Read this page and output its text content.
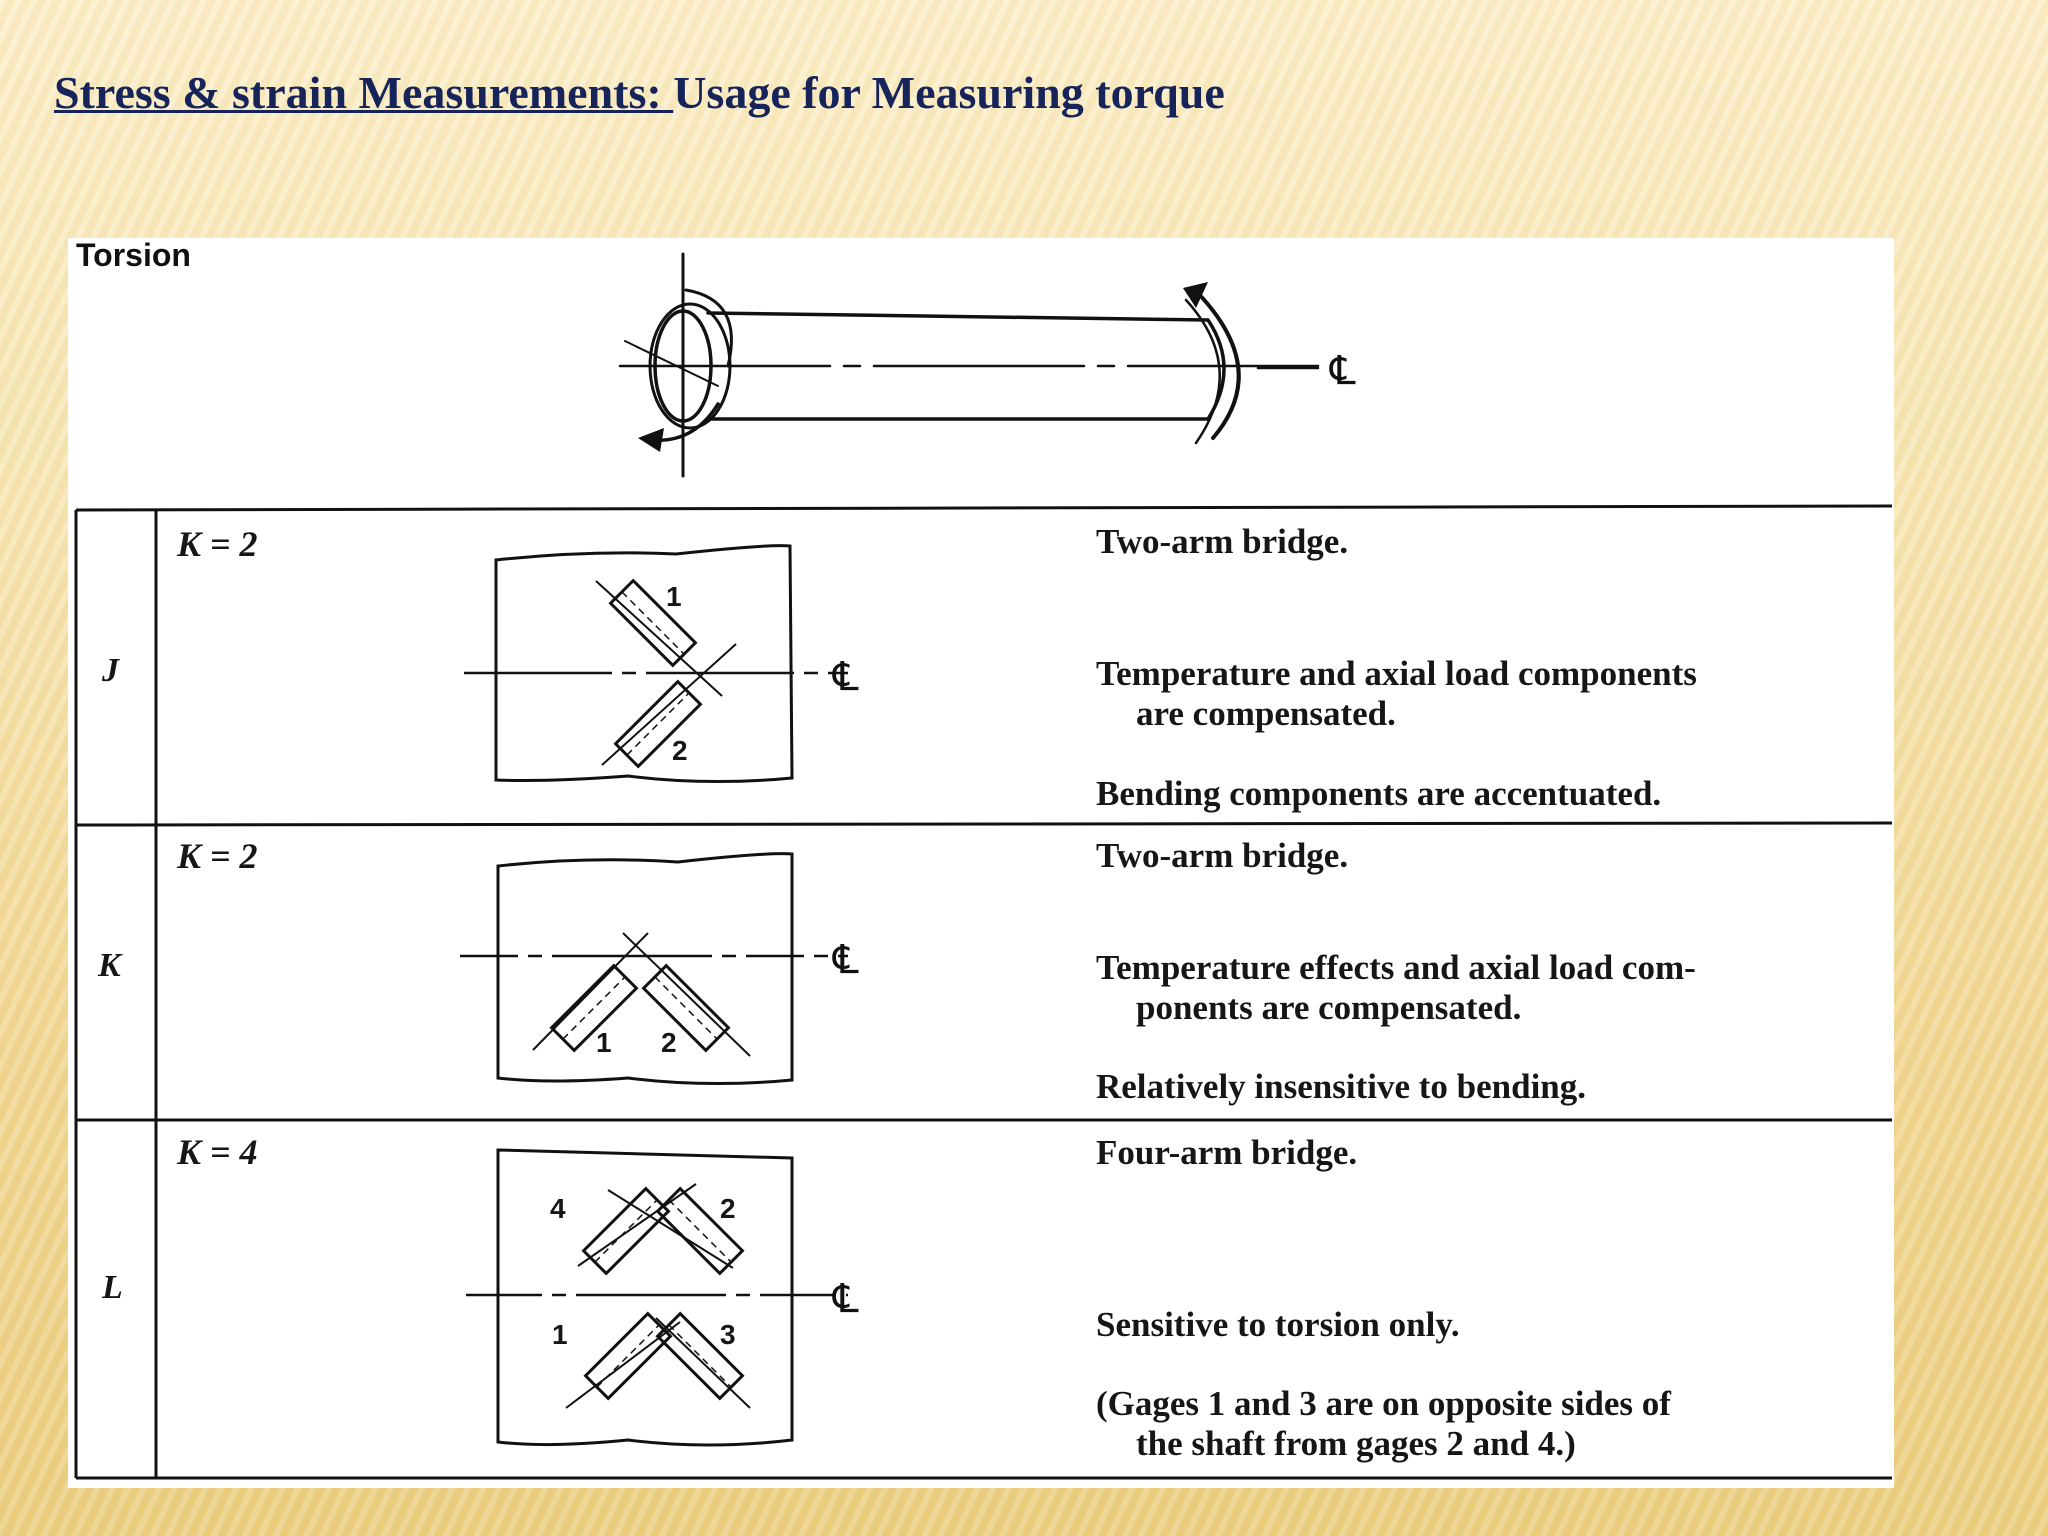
Stress & strain Measurements: Usage for Measuring torque
Torsion
℄
J
K = 2
1
2
℄
Two-arm bridge.
Temperature and axial load components
are compensated.
Bending components are accentuated.
K
K = 2
1 2
℄
Two-arm bridge.
Temperature effects and axial load com-
ponents are compensated.
Relatively insensitive to bending.
L
K = 4
4	2
1	3
℄
Four-arm bridge.
Sensitive to torsion only.
(Gages 1 and 3 are on opposite sides of
the shaft from gages 2 and 4.)
